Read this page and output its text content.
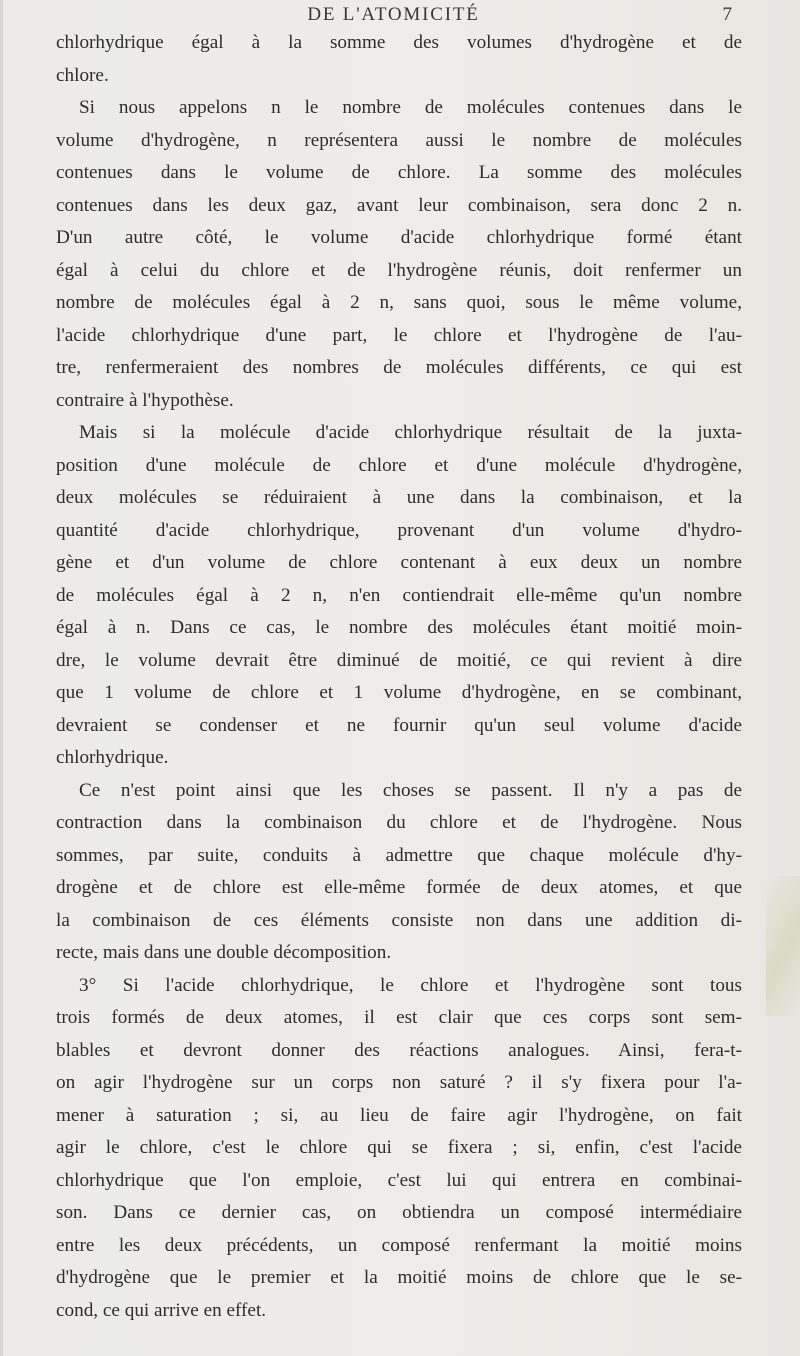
DE L'ATOMICITÉ	7
chlorhydrique égal à la somme des volumes d'hydrogène et de
chlore.
Si nous appelons n le nombre de molécules contenues dans le
volume d'hydrogène, n représentera aussi le nombre de molécules
contenues dans le volume de chlore. La somme des molécules
contenues dans les deux gaz, avant leur combinaison, sera donc 2 n.
D'un autre côté, le volume d'acide chlorhydrique formé étant
égal à celui du chlore et de l'hydrogène réunis, doit renfermer un
nombre de molécules égal à 2 n, sans quoi, sous le même volume,
l'acide chlorhydrique d'une part, le chlore et l'hydrogène de l'au-
tre, renfermeraient des nombres de molécules différents, ce qui est
contraire à l'hypothèse.
Mais si la molécule d'acide chlorhydrique résultait de la juxta-
position d'une molécule de chlore et d'une molécule d'hydrogène,
deux molécules se réduiraient à une dans la combinaison, et la
quantité d'acide chlorhydrique, provenant d'un volume d'hydro-
gène et d'un volume de chlore contenant à eux deux un nombre
de molécules égal à 2 n, n'en contiendrait elle-même qu'un nombre
égal à n. Dans ce cas, le nombre des molécules étant moitié moin-
dre, le volume devrait être diminué de moitié, ce qui revient à dire
que 1 volume de chlore et 1 volume d'hydrogène, en se combinant,
devraient se condenser et ne fournir qu'un seul volume d'acide
chlorhydrique.
Ce n'est point ainsi que les choses se passent. Il n'y a pas de
contraction dans la combinaison du chlore et de l'hydrogène. Nous
sommes, par suite, conduits à admettre que chaque molécule d'hy-
drogène et de chlore est elle-même formée de deux atomes, et que
la combinaison de ces éléments consiste non dans une addition di-
recte, mais dans une double décomposition.
3° Si l'acide chlorhydrique, le chlore et l'hydrogène sont tous
trois formés de deux atomes, il est clair que ces corps sont sem-
blables et devront donner des réactions analogues. Ainsi, fera-t-
on agir l'hydrogène sur un corps non saturé ? il s'y fixera pour l'a-
mener à saturation ; si, au lieu de faire agir l'hydrogène, on fait
agir le chlore, c'est le chlore qui se fixera ; si, enfin, c'est l'acide
chlorhydrique que l'on emploie, c'est lui qui entrera en combinai-
son. Dans ce dernier cas, on obtiendra un composé intermédiaire
entre les deux précédents, un composé renfermant la moitié moins
d'hydrogène que le premier et la moitié moins de chlore que le se-
cond, ce qui arrive en effet.
